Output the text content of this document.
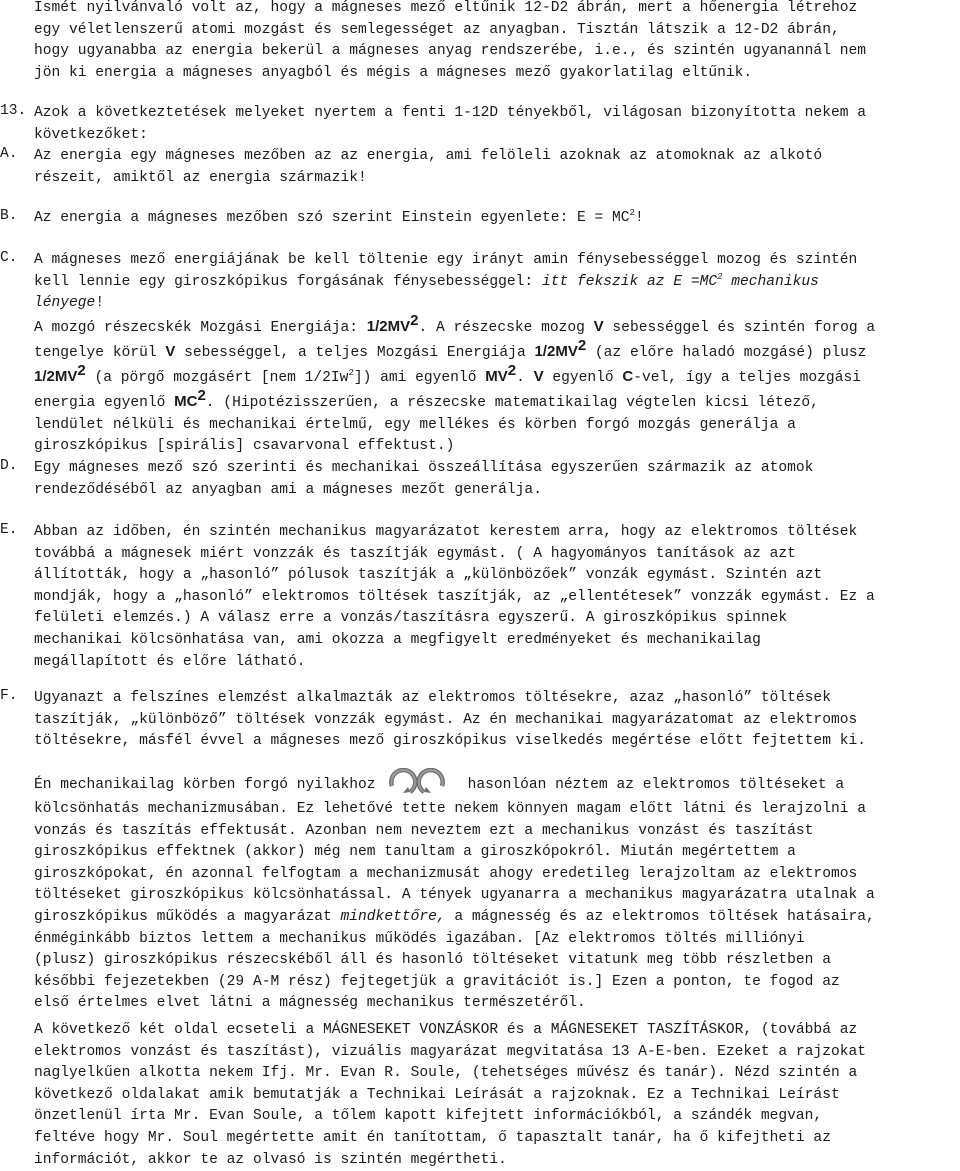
Ismét nyilvánvaló volt az, hogy a mágneses mező eltűnik 12-D2 ábrán, mert a hőenergia létrehoz

egy véletlenszerű atomi mozgást és semlegességet az anyagban. Tisztán látszik a 12-D2 ábrán,

hogy ugyanabba az energia bekerül a mágneses anyag rendszerébe, i.e., és szintén ugyanannál nem

jön ki energia a mágneses anyagból és mégis a mágneses mező gyakorlatilag eltűnik.

13. Azok a következtetések melyeket nyertem a fenti 1-12D tényekből, világosan bizonyította nekem a

következőket:

A. Az energia egy mágneses mezőben az az energia, ami felöleli azoknak az atomoknak az alkotó

részeit, amiktől az energia származik!

B. Az energia a mágneses mezőben szó szerint Einstein egyenlete: $E = MC^2$!

C. A mágneses mező energiájának be kell töltenie egy irányt amin fénysebességgel mozog és szintén

kell lennie egy giroszkópikus forgásának fénysebességgel: itt fekszik az $E =MC^2$ mechanikus

lényege!

A mozgó részecskék Mozgási Energiája: $1/2MV^2$. A részecske mozog V sebességgel és szintén forog a

tengelye körül V sebességgel, a teljes Mozgási Energiája $1/2MV^2$ (az előre haladó mozgásé) plusz

$1/2MV^2$ (a pörgő mozgásért [nem 1/2Iw$^2$]) ami egyenlő $MV^2$. V egyenlő C-vel, így a teljes mozgási

energia egyenlő $MC^2$. (Hipotézisszerűen, a részecske matematikailag végtelen kicsi létező,

lendület nélküli és mechanikai értelmű, egy mellékes és körben forgó mozgás generálja a

giroszkópikus [spirális] csavarvonal effektust.)

D. Egy mágneses mező szó szerinti és mechanikai összeállítása egyszerűen származik az atomok

rendeződéséből az anyagban ami a mágneses mezőt generálja.

E. Abban az időben, én szintén mechanikus magyarázatot kerestem arra, hogy az elektromos töltések

továbbá a mágnesek miért vonzzák és taszítják egymást. ( A hagyományos tanítások az azt

állították, hogy a „hasonló” pólusok taszítják a „különbözőek” vonzák egymást. Szintén azt

mondják, hogy a „hasonló” elektromos töltések taszítják, az „ellentétesek” vonzzák egymást. Ez a

felületi elemzés.) A válasz erre a vonzás/taszításra egyszerű. A giroszkópikus spinnek

mechanikai kölcsönhatása van, ami okozza a megfigyelt eredményeket és mechanikailag

megállapított és előre látható.

F. Ugyanazt a felszínes elemzést alkalmazták az elektromos töltésekre, azaz „hasonló” töltések

taszítják, „különböző” töltések vonzzák egymást. Az én mechanikai magyarázatomat az elektromos

töltésekre, másfél évvel a mágneses mező giroszkópikus viselkedés megértése előtt fejtettem ki.

Én mechanikailag körben forgó nyilakhoz	hasonlóan néztem az elektromos töltéseket a

kölcsönhatás mechanizmusában. Ez lehetővé tette nekem könnyen magam előtt látni és lerajzolni a

vonzás és taszítás effektusát. Azonban nem neveztem ezt a mechanikus vonzást és taszítást

giroszkópikus effektnek (akkor) még nem tanultam a giroszkópokról. Miután megértettem a

giroszkópokat, én azonnal felfogtam a mechanizmusát ahogy eredetileg lerajzoltam az elektromos

töltéseket giroszkópikus kölcsönhatással. A tények ugyanarra a mechanikus magyarázatra utalnak a

giroszkópikus működés a magyarázat mindkettőre, a mágnesség és az elektromos töltések hatásaira,

énméginkább biztos lettem a mechanikus működés igazában. [Az elektromos töltés milliónyi

(plusz) giroszkópikus részecskéből áll és hasonló töltéseket vitatunk meg több részletben a

későbbi fejezetekben (29 A-M rész) fejtegetjük a gravitációt is.] Ezen a ponton, te fogod az

első értelmes elvet látni a mágnesség mechanikus természetéről.

A következő két oldal ecseteli a MÁGNESEKET VONZÁSKOR és a MÁGNESEKET TASZÍTÁSKOR, (továbbá az

elektromos vonzást és taszítást), vizuális magyarázat megvitatása 13 A-E-ben. Ezeket a rajzokat

naglyelkűen alkotta nekem Ifj. Mr. Evan R. Soule, (tehetséges művész és tanár). Nézd szintén a

következő oldalakat amik bemutatják a Technikai Leírását a rajzoknak. Ez a Technikai Leírást

önzetlenül írta Mr. Evan Soule, a tőlem kapott kifejtett információkból, a szándék megvan,

feltéve hogy Mr. Soul megértette amit én tanítottam, ő tapasztalt tanár, ha ő kifejtheti az

információt, akkor te az olvasó is szintén megértheti.
